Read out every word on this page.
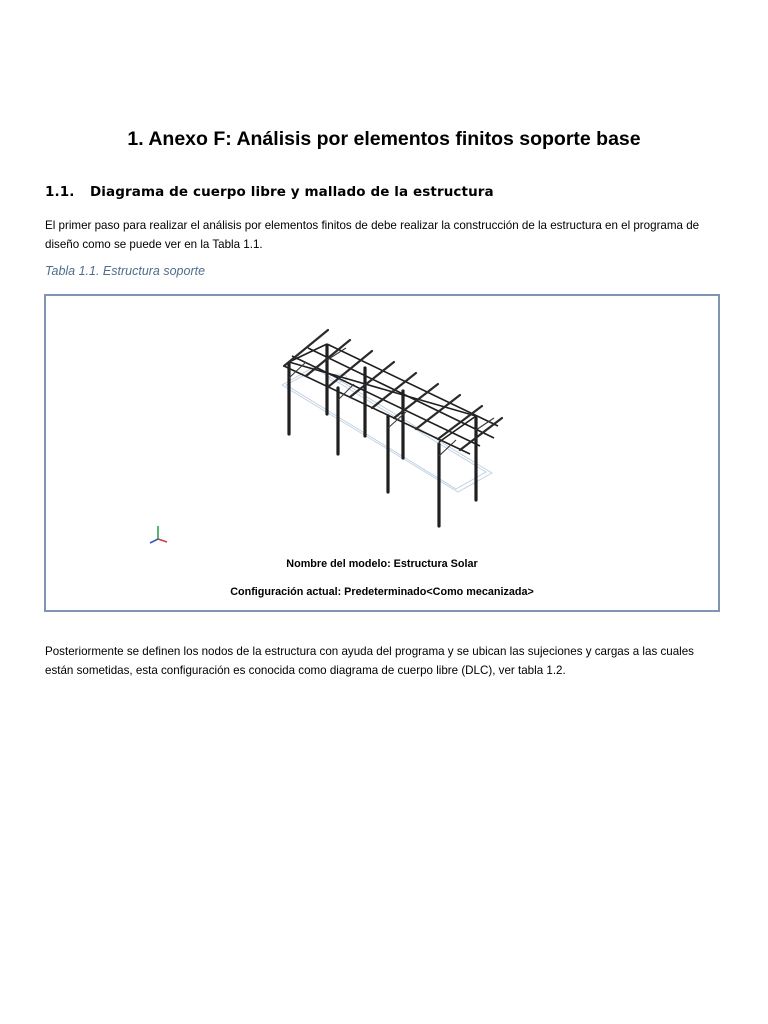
1. Anexo F: Análisis por elementos finitos soporte base
1.1. Diagrama de cuerpo libre y mallado de la estructura
El primer paso para realizar el análisis por elementos finitos de debe realizar la construcción de la estructura en el programa de diseño como se puede ver en la Tabla 1.1.
Tabla 1.1. Estructura soporte
Nombre del modelo: Estructura Solar
Configuración actual: Predeterminado<Como mecanizada>
Posteriormente se definen los nodos de la estructura con ayuda del programa y se ubican las sujeciones y cargas a las cuales están sometidas, esta configuración es conocida como diagrama de cuerpo libre (DLC), ver tabla 1.2.
